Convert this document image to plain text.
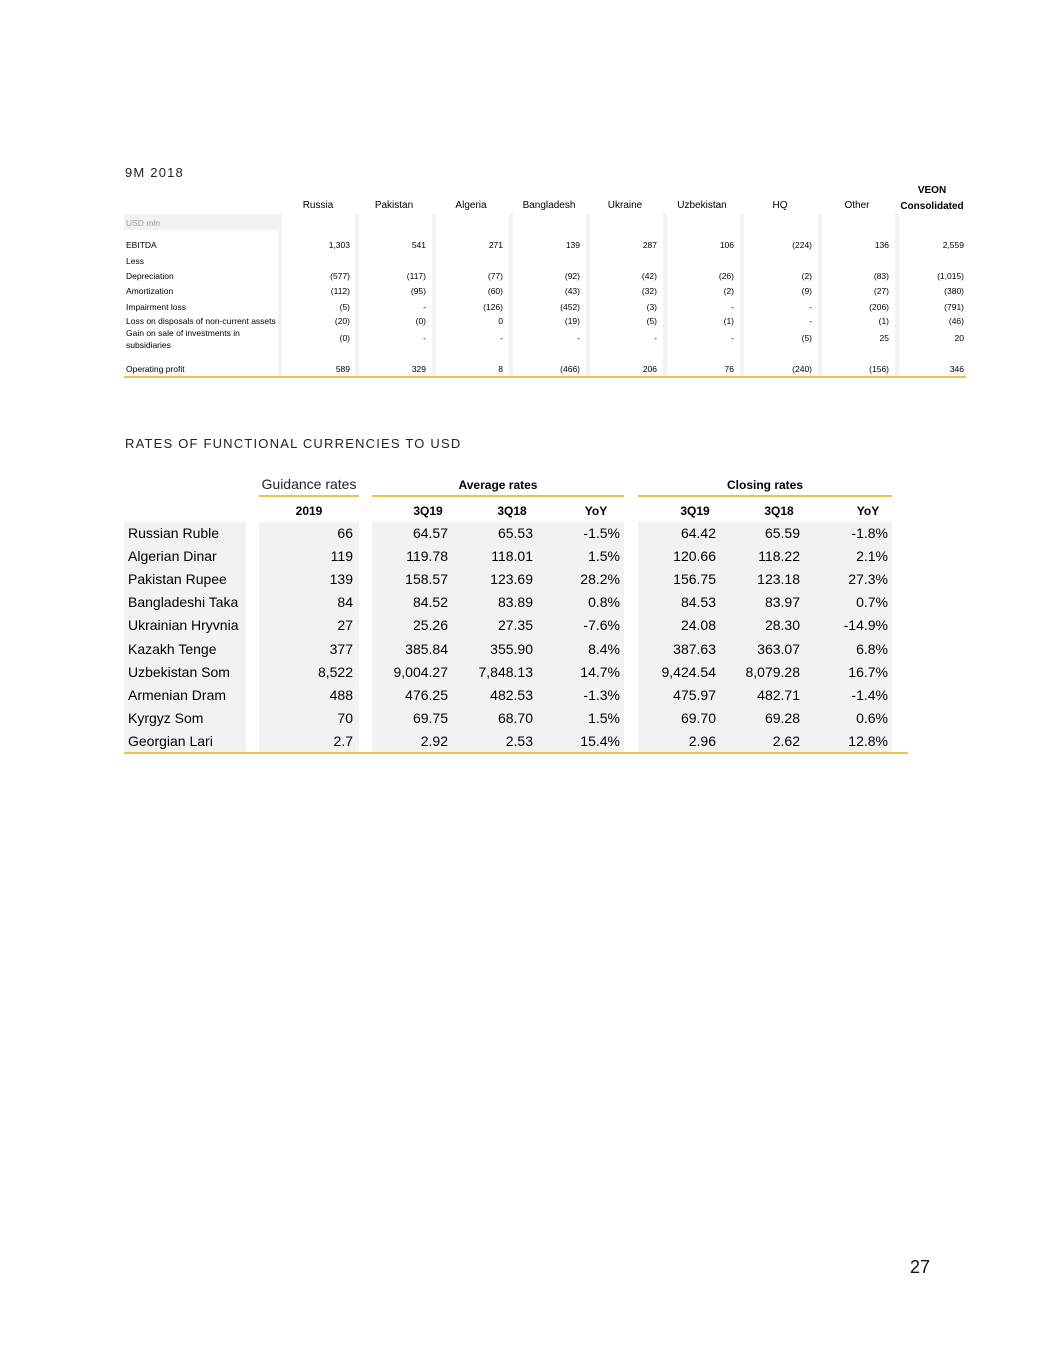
9M 2018
VEON
Russia	Pakistan	Algeria	Bangladesh	Ukraine	Uzbekistan	HQ	Other	Consolidated
USD mln
EBITDA	1,303	541	271	139	287	106	(224)	136	2,559
Less
Depreciation	(577)	(117)	(77)	(92)	(42)	(26)	(2)	(83)	(1,015)
Amortization	(112)	(95)	(60)	(43)	(32)	(2)	(9)	(27)	(380)
Impairment loss	(5)	-	(126)	(452)	(3)	-	-	(206)	(791)
Loss on disposals of non-current assets	(20)	(0)	0	(19)	(5)	(1)	-	(1)	(46)
Gain on sale of investments in
subsidiaries
(0)	-	-	-	-	-	(5)	25	20
Operating profit	589	329	8	(466)	206	76	(240)	(156)	346
RATES OF FUNCTIONAL CURRENCIES TO USD
Guidance rates	Average rates	Closing rates
2019	3Q19	3Q18	YoY	3Q19	3Q18	YoY
Russian Ruble	66	64.57	65.53	-1.5%	64.42	65.59	-1.8%
Algerian Dinar	119	119.78	118.01	1.5%	120.66	118.22	2.1%
Pakistan Rupee	139	158.57	123.69	28.2%	156.75	123.18	27.3%
Bangladeshi Taka	84	84.52	83.89	0.8%	84.53	83.97	0.7%
Ukrainian Hryvnia	27	25.26	27.35	-7.6%	24.08	28.30	-14.9%
Kazakh Tenge	377	385.84	355.90	8.4%	387.63	363.07	6.8%
Uzbekistan Som	8,522	9,004.27	7,848.13	14.7%	9,424.54	8,079.28	16.7%
Armenian Dram	488	476.25	482.53	-1.3%	475.97	482.71	-1.4%
Kyrgyz Som	70	69.75	68.70	1.5%	69.70	69.28	0.6%
Georgian Lari	2.7	2.92	2.53	15.4%	2.96	2.62	12.8%
27
